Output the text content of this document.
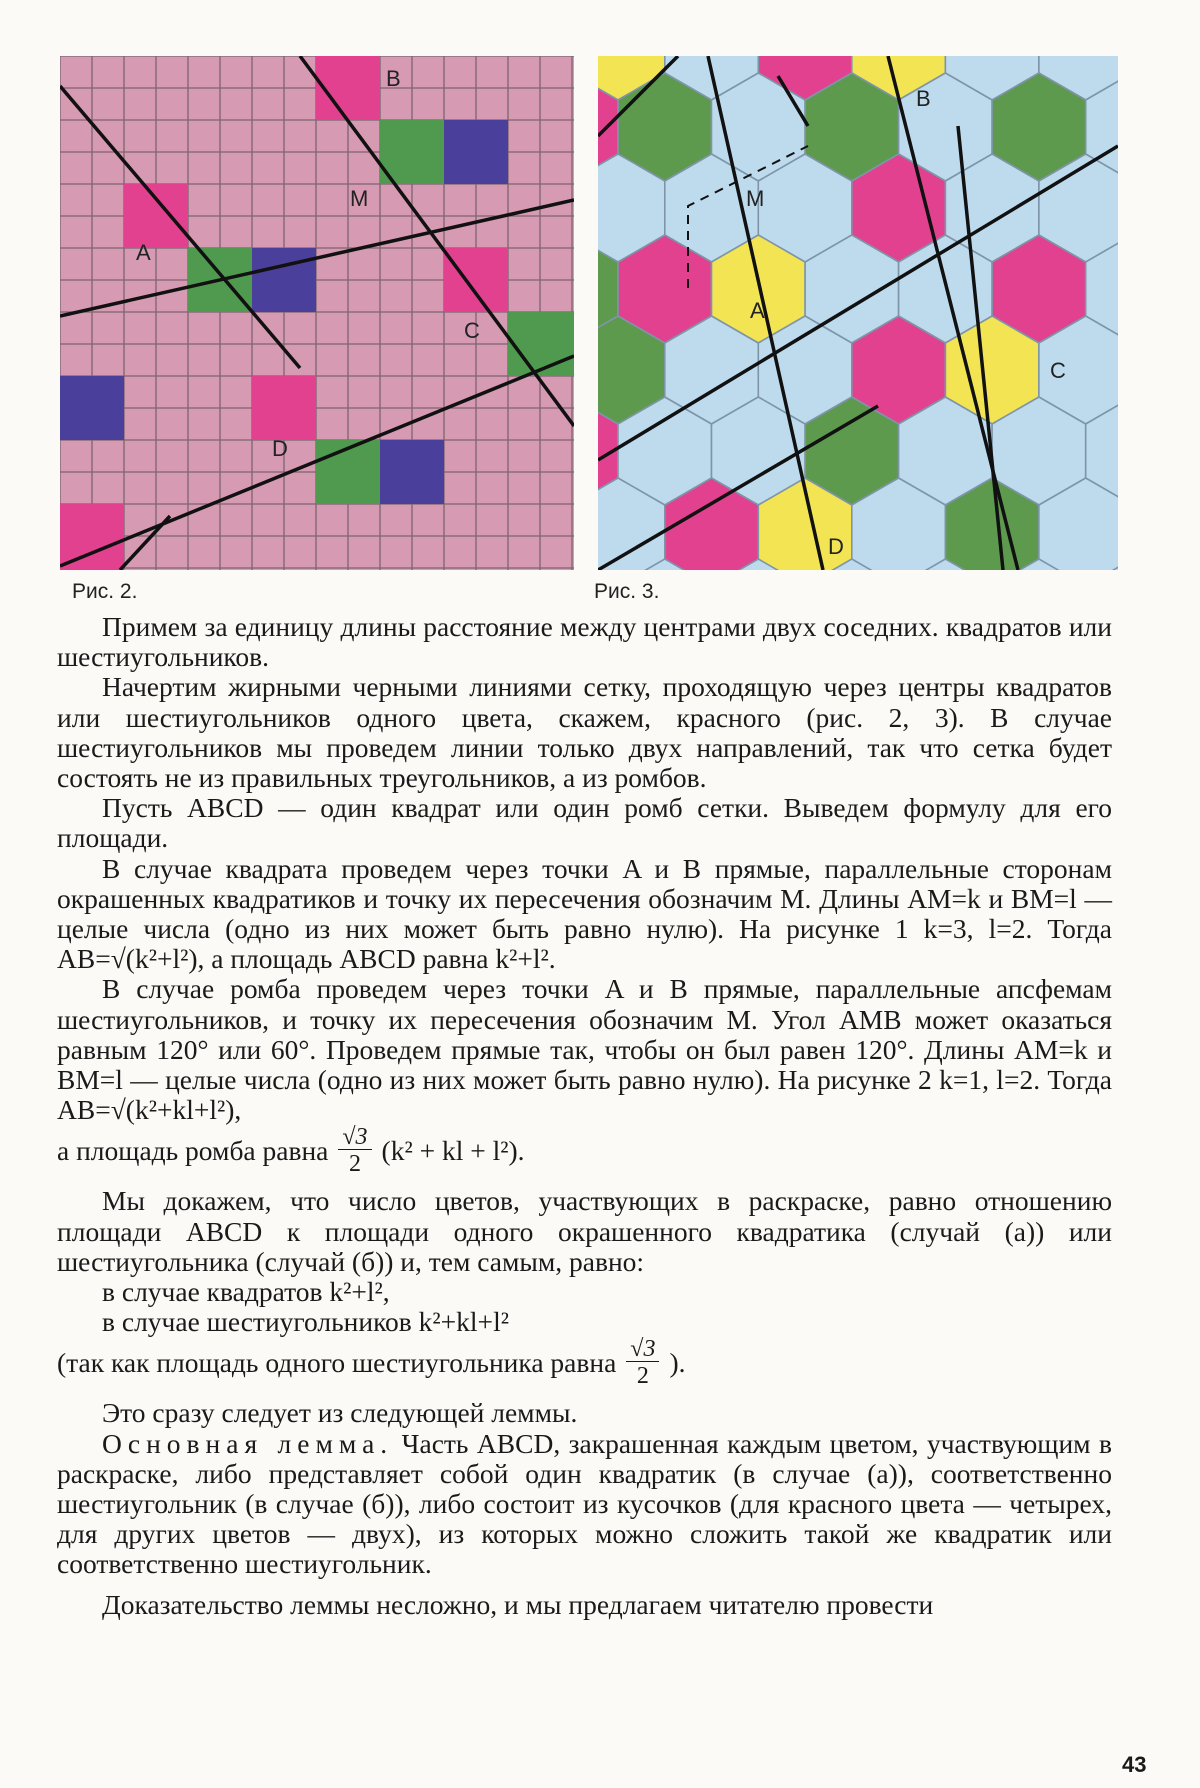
B
M
A
C
D
B
M
A
C
D
Рис. 2.	Рис. 3.

Примем за единицу длины расстояние между центрами двух соседних. квадратов или шестиугольников.

Начертим жирными черными линиями сетку, проходящую через центры квадратов или шестиугольников одного цвета, скажем, красного (рис. 2, 3). В случае шестиугольников мы проведем линии только двух направлений, так что сетка будет состоять не из правильных треугольников, а из ромбов.

Пусть ABCD — один квадрат или один ромб сетки. Выведем формулу для его площади.

В случае квадрата проведем через точки A и B прямые, параллельные сторонам окрашенных квадратиков и точку их пересечения обозначим M. Длины AM=k и BM=l — целые числа (одно из них может быть равно нулю). На рисунке 1 k=3, l=2. Тогда AB=√(k²+l²), а площадь ABCD равна k²+l².

В случае ромба проведем через точки A и B прямые, параллельные апсфемам шестиугольников, и точку их пересечения обозначим M. Угол AMB может оказаться равным 120° или 60°. Проведем прямые так, чтобы он был равен 120°. Длины AM=k и BM=l — целые числа (одно из них может быть равно нулю). На рисунке 2 k=1, l=2. Тогда AB=√(k²+kl+l²),

а площадь ромба равна $\frac{√3}{2} (k^2$ + kl + l²).

Мы докажем, что число цветов, участвующих в раскраске, равно отношению площади ABCD к площади одного окрашенного квадратика (случай (а)) или шестиугольника (случай (б)) и, тем самым, равно:

в случае квадратов k²+l²,

в случае шестиугольников k²+kl+l²

(так как площадь одного шестиугольника равна $\frac{√3}{2}$ ).

Это сразу следует из следующей леммы.

Основная лемма. Часть ABCD, закрашенная каждым цветом, участвующим в раскраске, либо представляет собой один квадратик (в случае (а)), соответственно шестиугольник (в случае (б)), либо состоит из кусочков (для красного цвета — четырех, для других цветов — двух), из которых можно сложить такой же квадратик или соответственно шестиугольник.

Доказательство леммы несложно, и мы предлагаем читателю провести

43
